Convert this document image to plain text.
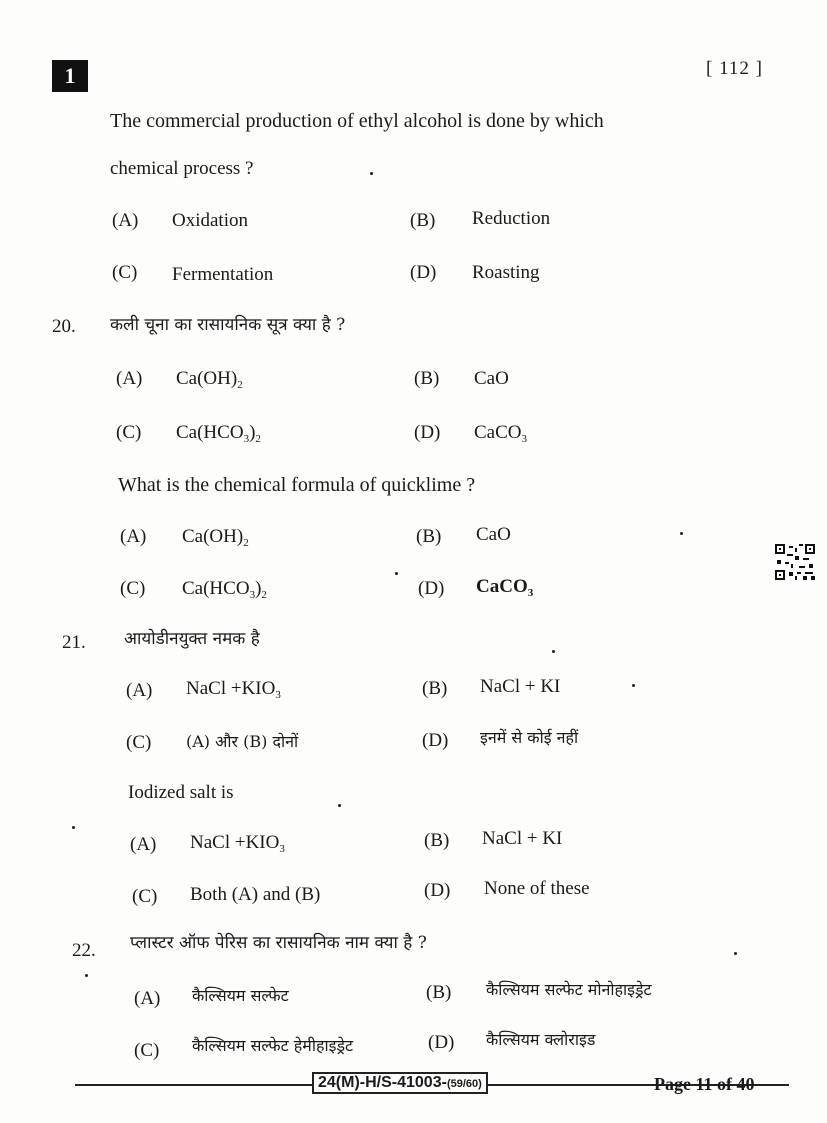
1	[ 112 ]
The commercial production of ethyl alcohol is done by which
chemical process ?
(A) Oxidation	(B) Reduction
(C) Fermentation	(D) Roasting
20. कली चूना का रासायनिक सूत्र क्या है ?
(A) $Ca(OH)_2$	(B) CaO
(C) $Ca(HCO_3)_2$	(D) CaCO$_3$
What is the chemical formula of quicklime ?
(A) $Ca(OH)_2$	(B) CaO
(C) $Ca(HCO_3)_2$	(D) CaCO$_3$
21. आयोडीनयुक्त नमक है
(A) NaCl $+KIO_3$	(B) NaCl + KI
(C) (A) और (B) दोनों	(D) इनमें से कोई नहीं
Iodized salt is
(A) NaCl $+KIO_3$	(B) NaCl + KI
(C) Both (A) and (B)	(D) None of these
22. प्लास्टर ऑफ पेरिस का रासायनिक नाम क्या है ?
(A) कैल्सियम सल्फेट	(B) कैल्सियम सल्फेट मोनोहाइड्रेट
(C) कैल्सियम सल्फेट हेमीहाइड्रेट	(D) कैल्सियम क्लोराइड
24(M)-H/S-41003-(59/60)	Page 11 of 40
